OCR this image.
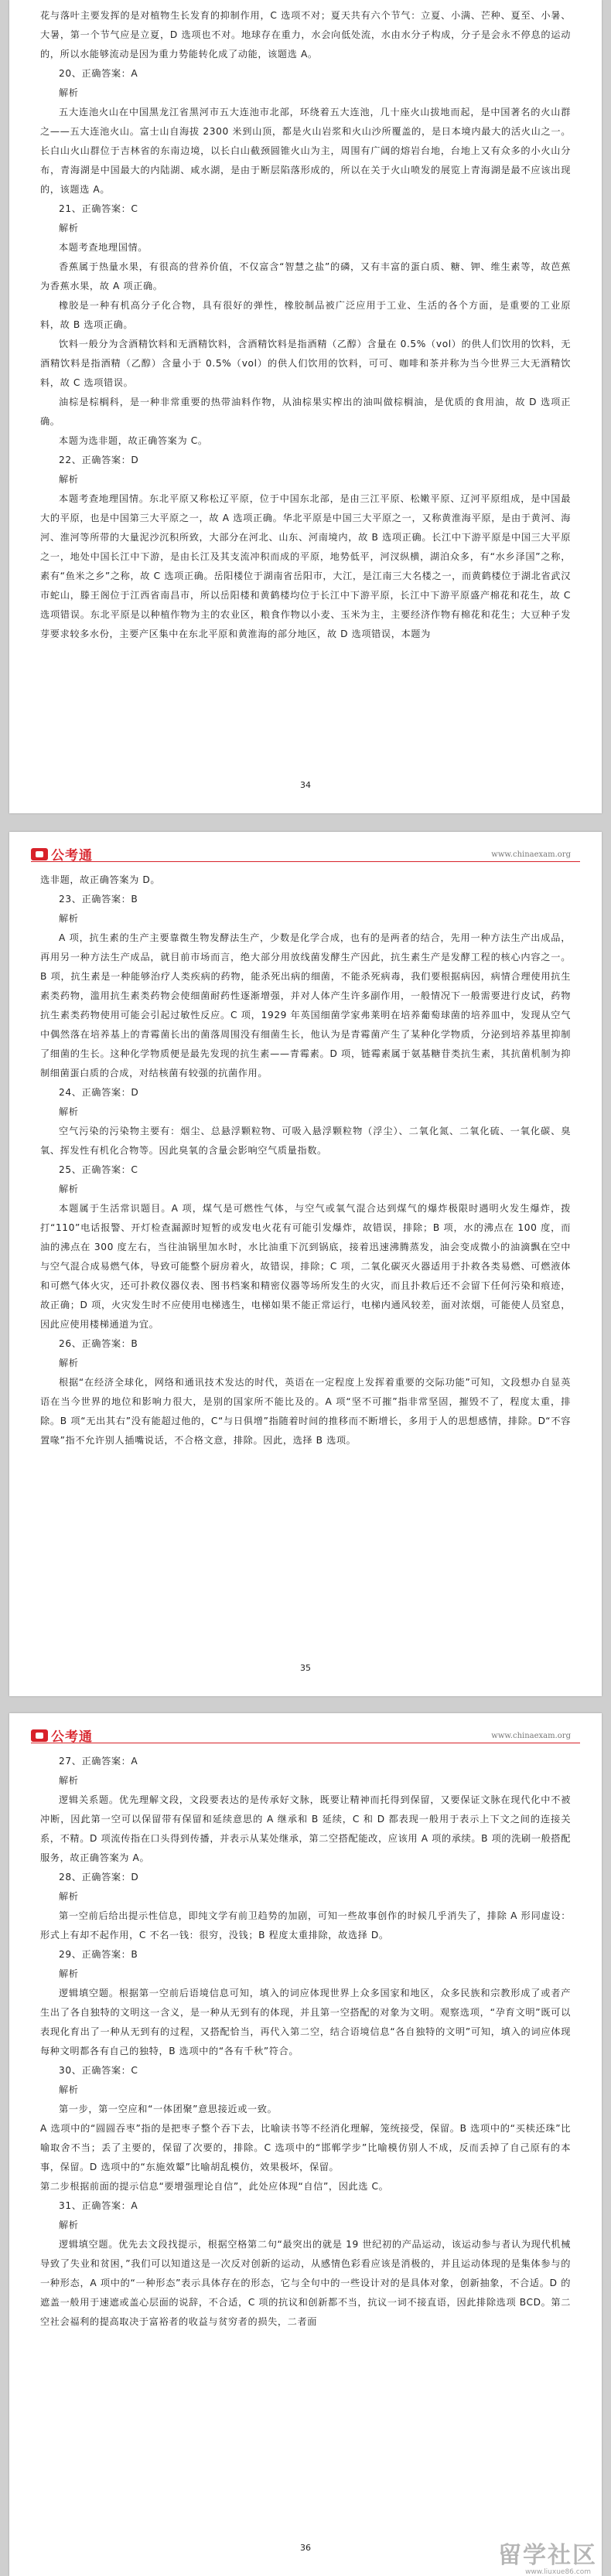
花与落叶主要发挥的是对植物生长发育的抑制作用，C 选项不对；夏天共有六个节气：立夏、小满、芒种、夏至、小暑、大暑，第一个节气应是立夏，D 选项也不对。地球存在重力，水会向低处流，水由水分子构成，分子是会永不停息的运动的，所以水能够流动是因为重力势能转化成了动能，该题选 A。

20、正确答案：A

解析

五大连池火山在中国黑龙江省黑河市五大连池市北部，环绕着五大连池，几十座火山拔地而起，是中国著名的火山群之——五大连池火山。富士山自海拔 2300 米到山顶，都是火山岩浆和火山沙所覆盖的，是日本境内最大的活火山之一。长白山火山群位于吉林省的东南边境，以长白山截颈圆锥火山为主，周围有广阔的熔岩台地，台地上又有众多的小火山分布，青海湖是中国最大的内陆湖、咸水湖，是由于断层陷落形成的，所以在关于火山喷发的展览上青海湖是最不应该出现的，该题选 A。

21、正确答案：C

解析

本题考查地理国情。

香蕉属于热量水果，有很高的营养价值，不仅富含“智慧之盐”的磷，又有丰富的蛋白质、糖、钾、维生素等，故芭蕉为香蕉水果，故 A 项正确。

橡胶是一种有机高分子化合物，具有很好的弹性，橡胶制品被广泛应用于工业、生活的各个方面，是重要的工业原料，故 B 选项正确。

饮料一般分为含酒精饮料和无酒精饮料，含酒精饮料是指酒精（乙醇）含量在 0.5%（vol）的供人们饮用的饮料，无酒精饮料是指酒精（乙醇）含量小于 0.5%（vol）的供人们饮用的饮料，可可、咖啡和茶并称为当今世界三大无酒精饮料，故 C 选项错误。

油棕是棕榈科，是一种非常重要的热带油料作物，从油棕果实榨出的油叫做棕榈油，是优质的食用油，故 D 选项正确。

本题为选非题，故正确答案为 C。

22、正确答案：D

解析

本题考查地理国情。东北平原又称松辽平原，位于中国东北部，是由三江平原、松嫩平原、辽河平原组成，是中国最大的平原，也是中国第三大平原之一，故 A 选项正确。华北平原是中国三大平原之一，又称黄淮海平原，是由于黄河、海河、淮河等所带的大量泥沙沉积所致，大部分在河北、山东、河南境内，故 B 选项正确。长江中下游平原是中国三大平原之一，地处中国长江中下游，是由长江及其支流冲积而成的平原，地势低平，河汊纵横，湖泊众多，有“水乡泽国”之称，素有“鱼米之乡”之称，故 C 选项正确。岳阳楼位于湖南省岳阳市，大江，是江南三大名楼之一，而黄鹤楼位于湖北省武汉市蛇山，滕王阁位于江西省南昌市，所以岳阳楼和黄鹤楼均位于长江中下游平原，长江中下游平原盛产棉花和花生，故 C 选项错误。东北平原是以种植作物为主的农业区，粮食作物以小麦、玉米为主，主要经济作物有棉花和花生；大豆种子发芽要求较多水份，主要产区集中在东北平原和黄淮海的部分地区，故 D 选项错误，本题为

34
公考通	www.chinaexam.org

选非题，故正确答案为 D。

23、正确答案：B

解析

A 项，抗生素的生产主要靠微生物发酵法生产，少数是化学合成，也有的是两者的结合，先用一种方法生产出成品，再用另一种方法生产成品，就目前市场而言，绝大部分用放线菌发酵生产因此，抗生素生产是发酵工程的核心内容之一。B 项，抗生素是一种能够治疗人类疾病的药物，能杀死出病的细菌，不能杀死病毒，我们要根据病因，病情合理使用抗生素类药物，滥用抗生素类药物会使细菌耐药性逐渐增强，并对人体产生许多副作用，一般情况下一般需要进行皮试，药物抗生素类药物使用可能会引起过敏性反应。C 项，1929 年英国细菌学家弗莱明在培养葡萄球菌的培养皿中，发现从空气中偶然落在培养基上的青霉菌长出的菌落周围没有细菌生长，他认为是青霉菌产生了某种化学物质，分泌到培养基里抑制了细菌的生长。这种化学物质便是最先发现的抗生素——青霉素。D 项，链霉素属于氨基糖苷类抗生素，其抗菌机制为抑制细菌蛋白质的合成，对结核菌有较强的抗菌作用。

24、正确答案：D

解析

空气污染的污染物主要有：烟尘、总悬浮颗粒物、可吸入悬浮颗粒物（浮尘）、二氧化氮、二氧化硫、一氧化碳、臭氧、挥发性有机化合物等。因此臭氧的含量会影响空气质量指数。

25、正确答案：C

解析

本题属于生活常识题目。A 项，煤气是可燃性气体，与空气或氧气混合达到煤气的爆炸极限时遇明火发生爆炸，拨打“110”电话报警、开灯检查漏源时短暂的或发电火花有可能引发爆炸，故错误，排除；B 项，水的沸点在 100 度，而油的沸点在 300 度左右，当往油锅里加水时，水比油重下沉到锅底，接着迅速沸腾蒸发，油会变成微小的油滴飘在空中与空气混合成易燃气体，导致可能整个厨房着火，故错误，排除；C 项，二氧化碳灭火器适用于扑救各类易燃、可燃液体和可燃气体火灾，还可扑救仪器仪表、图书档案和精密仪器等场所发生的火灾，而且扑救后还不会留下任何污染和痕迹，故正确；D 项，火灾发生时不应使用电梯逃生，电梯如果不能正常运行，电梯内通风较差，面对浓烟，可能使人员窒息，因此应使用楼梯通道为宜。

26、正确答案：B

解析

根据“在经济全球化，网络和通讯技术发达的时代，英语在一定程度上发挥着重要的交际功能”可知，文段想办自显英语在当今世界的地位和影响力很大，是别的国家所不能比及的。A 项“坚不可摧”指非常坚固，摧毁不了，程度太重，排除。B 项“无出其右”没有能超过他的，C“与日俱增”指随着时间的推移而不断增长，多用于人的思想感情，排除。D“不容置喙”指不允许别人插嘴说话，不合格文意，排除。因此，选择 B 选项。

35
公考通	www.chinaexam.org

27、正确答案：A

解析

逻辑关系题。优先理解文段，文段要表达的是传承好文脉，既要让精神而托得到保留，又要保证文脉在现代化中不被冲断，因此第一空可以保留带有保留和延续意思的 A 继承和 B 延续，C 和 D 都表现一般用于表示上下文之间的连接关系，不精。D 项流传指在口头得到传播，并表示从某处继承，第二空搭配能改，应该用 A 项的承续。B 项的洗刷一般搭配服务，故正确答案为 A。

28、正确答案：D

解析

第一空前后给出提示性信息，即纯文学有前卫趋势的加剧，可知一些故事创作的时候几乎消失了，排除 A 形同虚设：形式上有却不起作用，C 不名一钱：很穷，没钱；B 程度太重排除，故选择 D。

29、正确答案：B

解析

逻辑填空题。根据第一空前后语境信息可知，填入的词应体现世界上众多国家和地区，众多民族和宗教形成了或者产生出了各自独特的文明这一含义，是一种从无到有的体现，并且第一空搭配的对象为文明。观察选项，“孕育文明”既可以表现化育出了一种从无到有的过程，又搭配恰当，再代入第二空，结合语境信息“各自独特的文明”可知，填入的词应体现每种文明都各有自己的独特，B 选项中的“各有千秋”符合。

30、正确答案：C

解析

第一步，第一空应和“一体团聚”意思接近或一致。

A 选项中的“圆圆吞枣”指的是把枣子整个吞下去，比喻读书等不经消化理解，笼统接受，保留。B 选项中的“买椟还珠”比喻取舍不当；丢了主要的，保留了次要的，排除。C 选项中的“邯郸学步”比喻模仿别人不成，反而丢掉了自己原有的本事，保留。D 选项中的“东施效颦”比喻胡乱模仿，效果极坏，保留。

第二步根据前面的提示信息“要增强理论自信”，此处应体现“自信”，因此选 C。

31、正确答案：A

解析

逻辑填空题。优先去文段找提示，根据空格第二句“最突出的就是 19 世纪初的产品运动，该运动参与者认为现代机械导致了失业和贫困，”我们可以知道这是一次反对创新的运动，从感情色彩看应该是消极的，并且运动体现的是集体参与的一种形态，A 项中的“一种形态”表示具体存在的形态，它与全句中的一些设计对的是具体对象，创新抽象，不合适。D 的遮盖一般用于速遮或盖心层面的说辞，不合适，C 项的抗议和创新都不当，抗议一词不接直语，因此排除选项 BCD。第二空社会福利的提高取决于富裕者的收益与贫穷者的损失，二者面

36	留学社区
www.liuxue86.com
